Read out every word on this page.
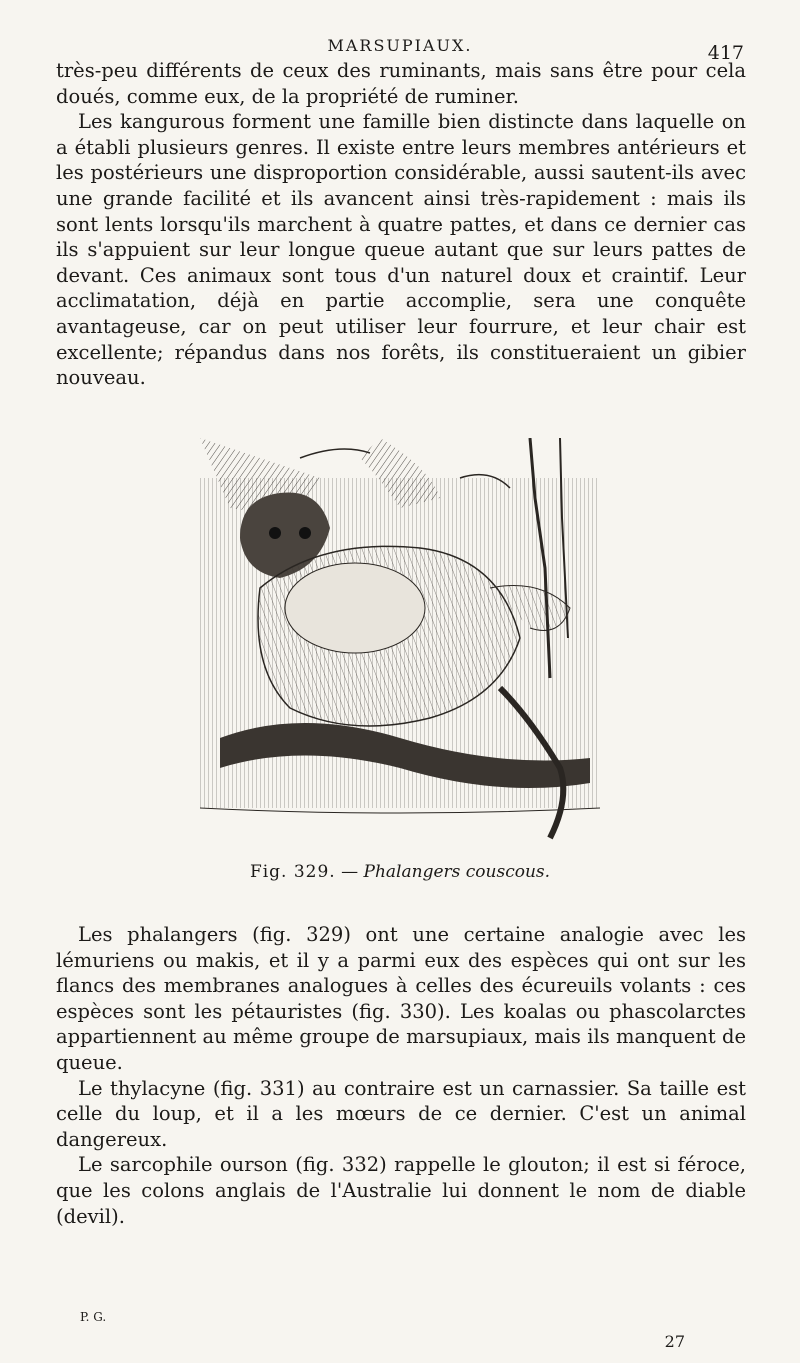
MARSUPIAUX.	417

très-peu différents de ceux des ruminants, mais sans être pour cela doués, comme eux, de la propriété de ruminer.

Les kangurous forment une famille bien distincte dans laquelle on a établi plusieurs genres. Il existe entre leurs membres antérieurs et les postérieurs une disproportion considérable, aussi sautent-ils avec une grande facilité et ils avancent ainsi très-rapidement : mais ils sont lents lorsqu'ils marchent à quatre pattes, et dans ce dernier cas ils s'appuient sur leur longue queue autant que sur leurs pattes de devant. Ces animaux sont tous d'un naturel doux et craintif. Leur acclimatation, déjà en partie accomplie, sera une conquête avantageuse, car on peut utiliser leur fourrure, et leur chair est excellente; répandus dans nos forêts, ils constitueraient un gibier nouveau.

Fig. 329. — Phalangers couscous.

Les phalangers (fig. 329) ont une certaine analogie avec les lémuriens ou makis, et il y a parmi eux des espèces qui ont sur les flancs des membranes analogues à celles des écureuils volants : ces espèces sont les pétauristes (fig. 330). Les koalas ou phascolarctes appartiennent au même groupe de marsupiaux, mais ils manquent de queue.

Le thylacyne (fig. 331) au contraire est un carnassier. Sa taille est celle du loup, et il a les mœurs de ce dernier. C'est un animal dangereux.

Le sarcophile ourson (fig. 332) rappelle le glouton; il est si féroce, que les colons anglais de l'Australie lui donnent le nom de diable (devil).

P. G.
27
